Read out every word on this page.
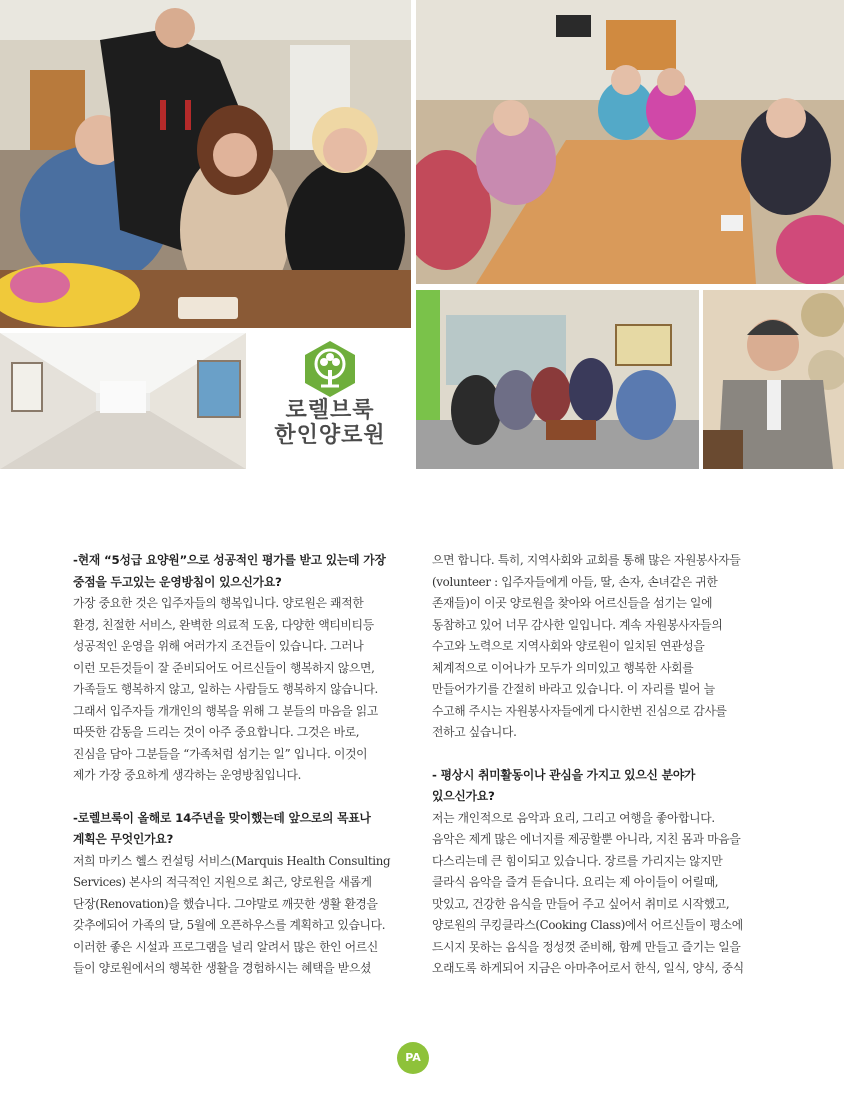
로렐브룩
한인양로원
-현재 “5성급 요양원”으로 성공적인 평가를 받고 있는데 가장
중점을 두고있는 운영방침이 있으신가요?
가장 중요한 것은 입주자들의 행복입니다. 양로원은 쾌적한
환경, 친절한 서비스, 완벽한 의료적 도움, 다양한 액티비티등
성공적인 운영을 위해 여러가지 조건들이 있습니다. 그러나
이런 모든것들이 잘 준비되어도 어르신들이 행복하지 않으면,
가족들도 행복하지 않고, 일하는 사람들도 행복하지 않습니다.
그래서 입주자들 개개인의 행복을 위해 그 분들의 마음을 읽고
따뜻한 감동을 드리는 것이 아주 중요합니다. 그것은 바로,
진심을 담아 그분들을 “가족처럼 섬기는 일” 입니다. 이것이
제가 가장 중요하게 생각하는 운영방침입니다.
-로렐브룩이 올해로 14주년을 맞이했는데 앞으로의 목표나
계획은 무엇인가요?
저희 마키스 헬스 컨설팅 서비스(Marquis Health Consulting
Services) 본사의 적극적인 지원으로 최근, 양로원을 새롭게
단장(Renovation)을 했습니다. 그야말로 깨끗한 생활 환경을
갖추에되어 가족의 달, 5월에 오픈하우스를 계획하고 있습니다.
이러한 좋은 시설과 프로그램을 널리 알려서 많은 한인 어르신
들이 양로원에서의 행복한 생활을 경험하시는 혜택을 받으셨
으면 합니다. 특히, 지역사회와 교회를 통해 많은 자원봉사자들
(volunteer : 입주자들에게 아들, 딸, 손자, 손녀같은 귀한
존재들)이 이곳 양로원을 찾아와 어르신들을 섬기는 일에
동참하고 있어 너무 감사한 일입니다. 계속 자원봉사자들의
수고와 노력으로 지역사회와 양로원이 일치된 연관성을
체계적으로 이어나가 모두가 의미있고 행복한 사회를
만들어가기를 간절히 바라고 있습니다. 이 자리를 빌어 늘
수고해 주시는 자원봉사자들에게 다시한번 진심으로 감사를
전하고 싶습니다.
- 평상시 취미활동이나 관심을 가지고 있으신 분야가
있으신가요?
저는 개인적으로 음악과 요리, 그리고 여행을 좋아합니다.
음악은 제게 많은 에너지를 제공할뿐 아니라, 지친 몸과 마음을
다스리는데 큰 힘이되고 있습니다. 장르를 가리지는 않지만
클라식 음악을 즐겨 듣습니다. 요리는 제 아이들이 어릴때,
맛있고, 건강한 음식을 만들어 주고 싶어서 취미로 시작했고,
양로원의 쿠킹클라스(Cooking Class)에서 어르신들이 평소에
드시지 못하는 음식을 정성껏 준비해, 함께 만들고 즐기는 일을
오래도록 하게되어 지금은 아마추어로서 한식, 일식, 양식, 중식
PA
